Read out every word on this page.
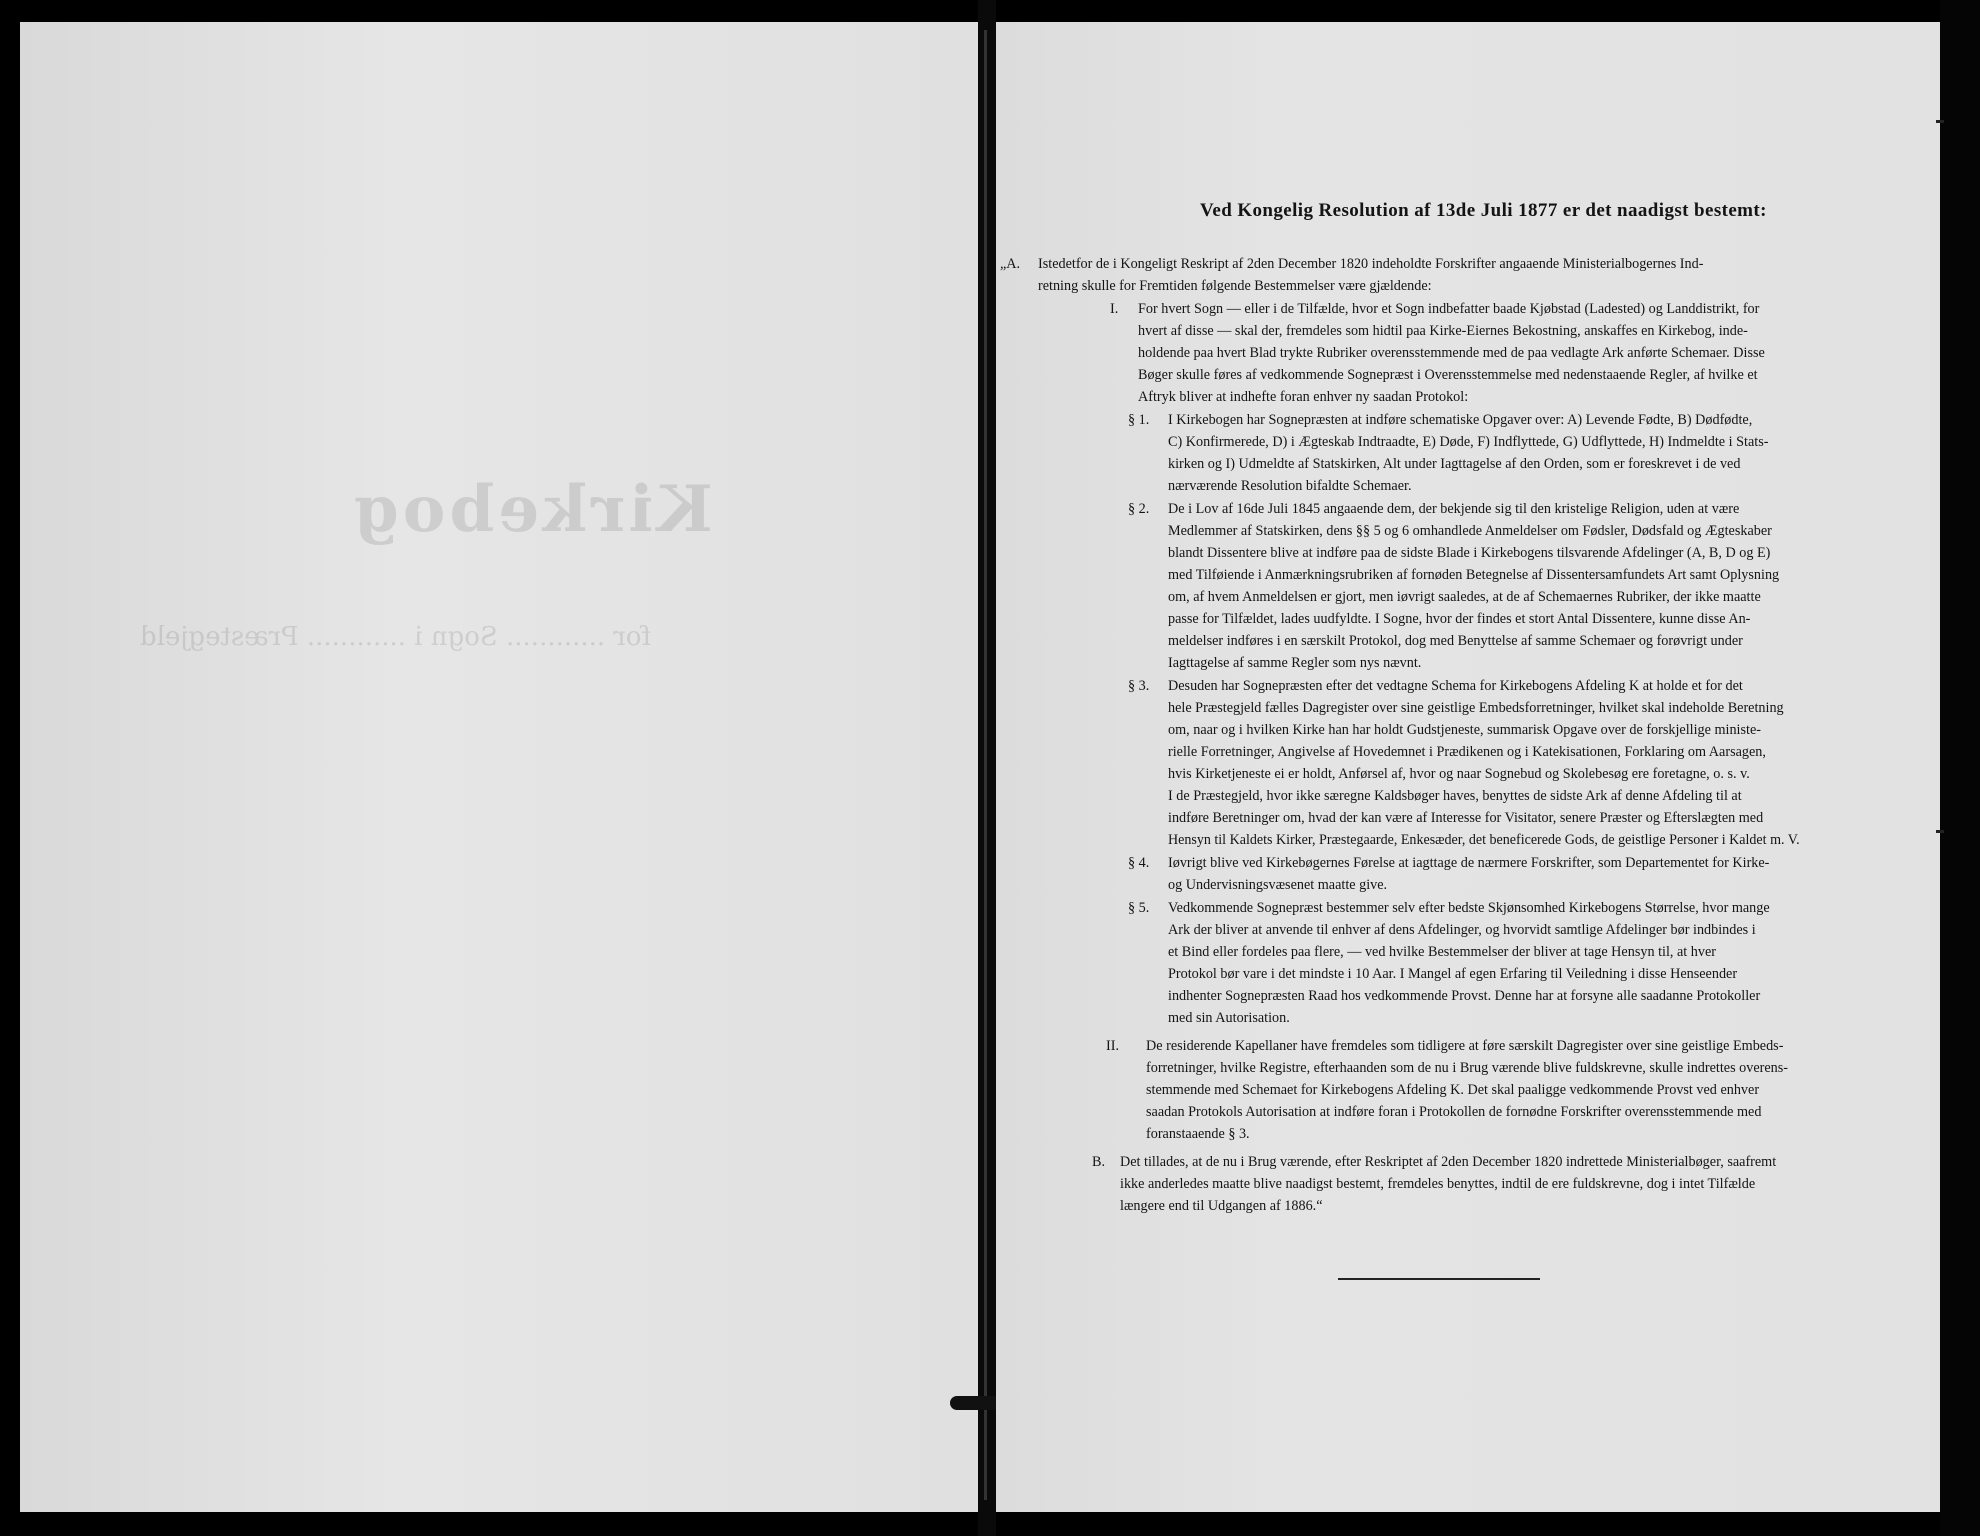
Kirkebog
for ............ Sogn i ............ Præstegjeld
Ved Kongelig Resolution af 13de Juli 1877 er det naadigst bestemt:
„A. Istedetfor de i Kongeligt Reskript af 2den December 1820 indeholdte Forskrifter angaaende Ministerialbogernes Ind-
retning skulle for Fremtiden følgende Bestemmelser være gjældende:
I. For hvert Sogn — eller i de Tilfælde, hvor et Sogn indbefatter baade Kjøbstad (Ladested) og Landdistrikt, for
hvert af disse — skal der, fremdeles som hidtil paa Kirke-Eiernes Bekostning, anskaffes en Kirkebog, inde-
holdende paa hvert Blad trykte Rubriker overensstemmende med de paa vedlagte Ark anførte Schemaer. Disse
Bøger skulle føres af vedkommende Sognepræst i Overensstemmelse med nedenstaaende Regler, af hvilke et
Aftryk bliver at indhefte foran enhver ny saadan Protokol:
§ 1. I Kirkebogen har Sognepræsten at indføre schematiske Opgaver over: A) Levende Fødte, B) Dødfødte,
C) Konfirmerede, D) i Ægteskab Indtraadte, E) Døde, F) Indflyttede, G) Udflyttede, H) Indmeldte i Stats-
kirken og I) Udmeldte af Statskirken, Alt under Iagttagelse af den Orden, som er foreskrevet i de ved
nærværende Resolution bifaldte Schemaer.
§ 2. De i Lov af 16de Juli 1845 angaaende dem, der bekjende sig til den kristelige Religion, uden at være
Medlemmer af Statskirken, dens §§ 5 og 6 omhandlede Anmeldelser om Fødsler, Dødsfald og Ægteskaber
blandt Dissentere blive at indføre paa de sidste Blade i Kirkebogens tilsvarende Afdelinger (A, B, D og E)
med Tilføiende i Anmærkningsrubriken af fornøden Betegnelse af Dissentersamfundets Art samt Oplysning
om, af hvem Anmeldelsen er gjort, men iøvrigt saaledes, at de af Schemaernes Rubriker, der ikke maatte
passe for Tilfældet, lades uudfyldte. I Sogne, hvor der findes et stort Antal Dissentere, kunne disse An-
meldelser indføres i en særskilt Protokol, dog med Benyttelse af samme Schemaer og forøvrigt under
Iagttagelse af samme Regler som nys nævnt.
§ 3. Desuden har Sognepræsten efter det vedtagne Schema for Kirkebogens Afdeling K at holde et for det
hele Præstegjeld fælles Dagregister over sine geistlige Embedsforretninger, hvilket skal indeholde Beretning
om, naar og i hvilken Kirke han har holdt Gudstjeneste, summarisk Opgave over de forskjellige ministe-
rielle Forretninger, Angivelse af Hovedemnet i Prædikenen og i Katekisationen, Forklaring om Aarsagen,
hvis Kirketjeneste ei er holdt, Anførsel af, hvor og naar Sognebud og Skolebesøg ere foretagne, o. s. v.
I de Præstegjeld, hvor ikke særegne Kaldsbøger haves, benyttes de sidste Ark af denne Afdeling til at
indføre Beretninger om, hvad der kan være af Interesse for Visitator, senere Præster og Efterslægten med
Hensyn til Kaldets Kirker, Præstegaarde, Enkesæder, det beneficerede Gods, de geistlige Personer i Kaldet m. V.
§ 4. Iøvrigt blive ved Kirkebøgernes Førelse at iagttage de nærmere Forskrifter, som Departementet for Kirke-
og Undervisningsvæsenet maatte give.
§ 5. Vedkommende Sognepræst bestemmer selv efter bedste Skjønsomhed Kirkebogens Størrelse, hvor mange
Ark der bliver at anvende til enhver af dens Afdelinger, og hvorvidt samtlige Afdelinger bør indbindes i
et Bind eller fordeles paa flere, — ved hvilke Bestemmelser der bliver at tage Hensyn til, at hver
Protokol bør vare i det mindste i 10 Aar. I Mangel af egen Erfaring til Veiledning i disse Henseender
indhenter Sognepræsten Raad hos vedkommende Provst. Denne har at forsyne alle saadanne Protokoller
med sin Autorisation.
II. De residerende Kapellaner have fremdeles som tidligere at føre særskilt Dagregister over sine geistlige Embeds-
forretninger, hvilke Registre, efterhaanden som de nu i Brug værende blive fuldskrevne, skulle indrettes overens-
stemmende med Schemaet for Kirkebogens Afdeling K. Det skal paaligge vedkommende Provst ved enhver
saadan Protokols Autorisation at indføre foran i Protokollen de fornødne Forskrifter overensstemmende med
foranstaaende § 3.
B. Det tillades, at de nu i Brug værende, efter Reskriptet af 2den December 1820 indrettede Ministerialbøger, saafremt
ikke anderledes maatte blive naadigst bestemt, fremdeles benyttes, indtil de ere fuldskrevne, dog i intet Tilfælde
længere end til Udgangen af 1886.“
